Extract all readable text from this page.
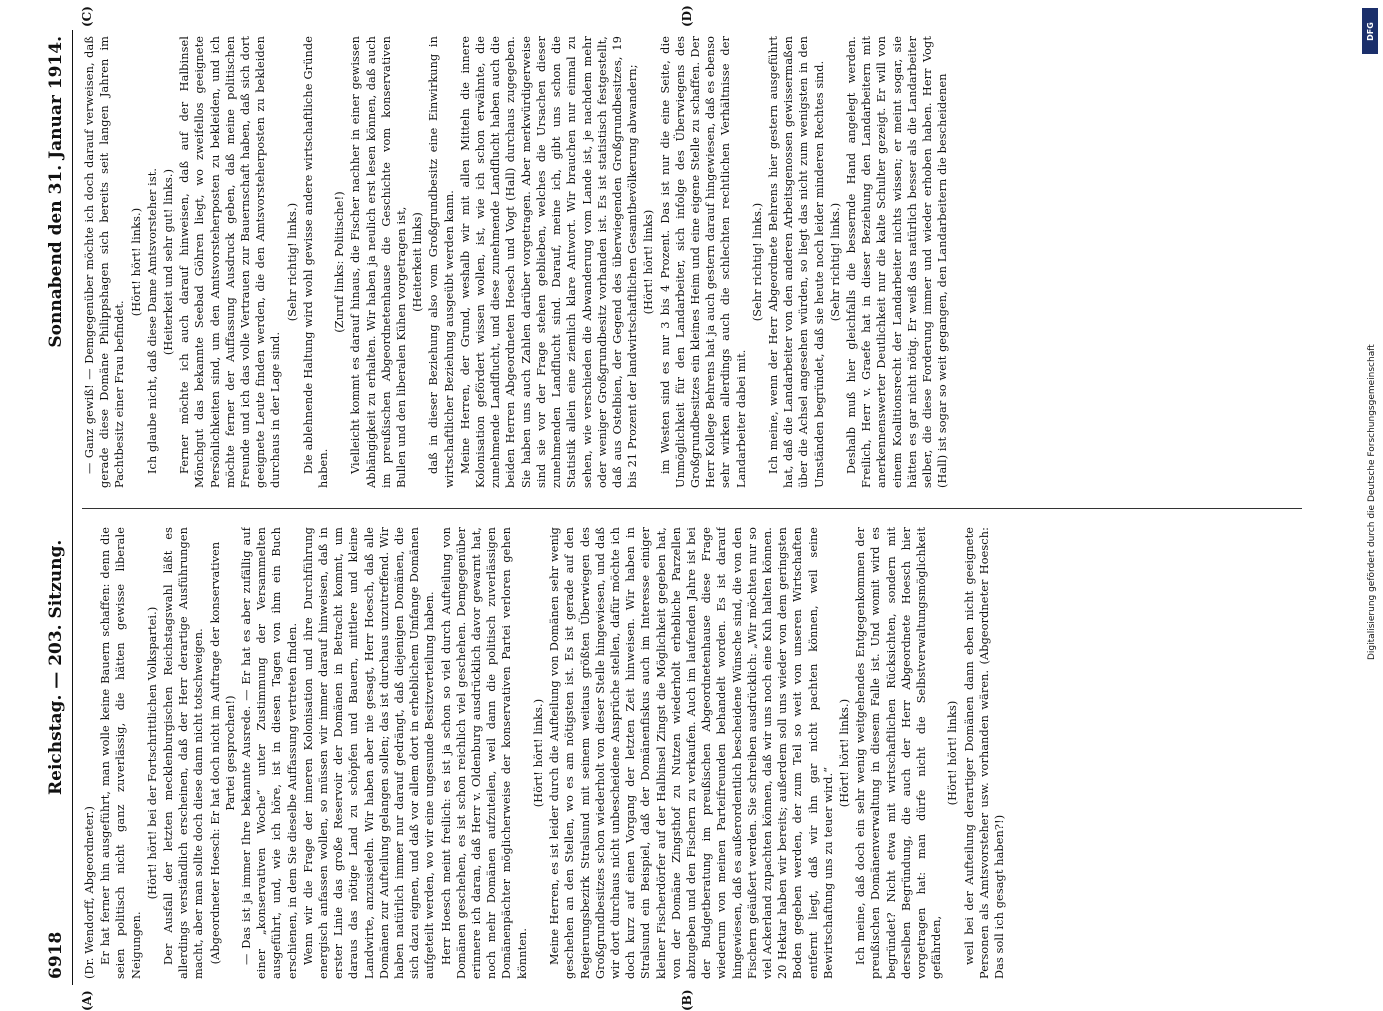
6918
Reichstag. — 203. Sitzung.
Sonnabend den 31. Januar 1914.
(A)	(B)
(C)	(D)

(Dr. Wendorff, Abgeordneter.) Er hat ferner hin ausgeführt, man wolle keine Bauern schaffen: denn die seien politisch nicht ganz zuverlässig, die hätten gewisse liberale Neigungen.

(Hört! hört! bei der Fortschrittlichen Volkspartei.) Der Ausfall der letzten mecklenburgischen Reichstagswahl läßt es allerdings verständlich erscheinen, daß der Herr derartige Ausführungen macht, aber man sollte doch diese dann nicht totschweigen. (Abgeordneter Hoesch: Er hat doch nicht im Auftrage der konservativen Partei gesprochen!) — Das ist ja immer Ihre bekannte Ausrede. — Er hat es aber zufällig auf einer „konservativen Woche“ unter Zustimmung der Versammelten ausgeführt, und, wie ich höre, ist in diesen Tagen von ihm ein Buch erschienen, in dem Sie dieselbe Auffassung vertreten finden. Wenn wir die Frage der inneren Kolonisation und ihre Durchführung energisch anfassen wollen, so müssen wir immer darauf hinweisen, daß in erster Linie das große Reservoir der Domänen in Betracht kommt, um daraus das nötige Land zu schöpfen und Bauern, mittlere und kleine Landwirte, anzusiedeln. Wir haben aber nie gesagt, Herr Hoesch, daß alle Domänen zur Aufteilung gelangen sollen; das ist durchaus unzutreffend. Wir haben natürlich immer nur darauf gedrängt, daß diejenigen Domänen, die sich dazu eignen, und daß vor allem dort in erheblichem Umfange Domänen aufgeteilt werden, wo wir eine ungesunde Besitzverteilung haben. Herr Hoesch meint freilich: es ist ja schon so viel durch Aufteilung von Domänen geschehen, es ist schon reichlich viel geschehen. Demgegenüber erinnere ich daran, daß Herr v. Oldenburg ausdrücklich davor gewarnt hat, noch mehr Domänen aufzuteilen, weil dann die politisch zuverlässigen Domänenpächter möglicherweise der konservativen Partei verloren gehen könnten.

(Hört! hört! links.) Meine Herren, es ist leider durch die Aufteilung von Domänen sehr wenig geschehen an den Stellen, wo es am nötigsten ist. Es ist gerade auf den Regierungsbezirk Stralsund mit seinem weitaus größten Überwiegen des Großgrundbesitzes schon wiederholt von dieser Stelle hingewiesen, und daß wir dort durchaus nicht unbescheidene Ansprüche stellen, dafür möchte ich doch kurz auf einen Vorgang der letzten Zeit hinweisen. Wir haben in Stralsund ein Beispiel, daß der Domänenfiskus auch im Interesse einiger kleiner Fischerdörfer auf der Halbinsel Zingst die Möglichkeit gegeben hat, von der Domäne Zingsthof zu Nutzen wiederholt erhebliche Parzellen abzugeben und den Fischern zu verkaufen. Auch im laufenden Jahre ist bei der Budgetberatung im preußischen Abgeordnetenhause diese Frage wiederum von meinen Parteifreunden behandelt worden. Es ist darauf hingewiesen, daß es außerordentlich bescheidene Wünsche sind, die von den Fischern geäußert werden. Sie schreiben ausdrücklich: „Wir möchten nur so viel Ackerland zupachten können, daß wir uns noch eine Kuh halten können. 20 Hektar haben wir bereits; außerdem soll uns wieder von dem geringsten Boden gegeben werden, der zum Teil so weit von unseren Wirtschaften entfernt liegt, daß wir ihn gar nicht pachten können, weil seine Bewirtschaftung uns zu teuer wird.“

(Hört! hört! links.) Ich meine, daß doch ein sehr wenig weitgehendes Entgegenkommen der preußischen Domänenverwaltung in diesem Falle ist. Und womit wird es begründet? Nicht etwa mit wirtschaftlichen Rücksichten, sondern mit derselben Begründung, die auch der Herr Abgeordnete Hoesch hier vorgetragen hat: man dürfe nicht die Selbstverwaltungsmöglichkeit gefährden,

(Hört! hört! links) weil bei der Aufteilung derartiger Domänen dann eben nicht geeignete Personen als Amtsvorsteher usw. vorhanden wären. (Abgeordneter Hoesch: Das soll ich gesagt haben?!)

— Ganz gewiß! — Demgegenüber möchte ich doch darauf verweisen, daß gerade diese Domäne Philippshagen sich bereits seit langen Jahren im Pachtbesitz einer Frau befindet.

(Hört! hört! links.) Ich glaube nicht, daß diese Dame Amtsvorsteher ist. (Heiterkeit und sehr gut! links.) Ferner möchte ich auch darauf hinweisen, daß auf der Halbinsel Mönchgut das bekannte Seebad Göhren liegt, wo zweifellos geeignete Persönlichkeiten sind, um den Amtsvorsteherposten zu bekleiden, und ich möchte ferner der Auffassung Ausdruck geben, daß meine politischen Freunde und ich das volle Vertrauen zur Bauernschaft haben, daß sich dort geeignete Leute finden werden, die den Amtsvorsteherposten zu bekleiden durchaus in der Lage sind.

(Sehr richtig! links.) Die ablehnende Haltung wird wohl gewisse andere wirtschaftliche Gründe haben.

(Zuruf links: Politische!) Vielleicht kommt es darauf hinaus, die Fischer nachher in einer gewissen Abhängigkeit zu erhalten. Wir haben ja neulich erst lesen können, daß auch im preußischen Abgeordnetenhause die Geschichte vom konservativen Bullen und den liberalen Kühen vorgetragen ist, (Heiterkeit links) daß in dieser Beziehung also vom Großgrundbesitz eine Einwirkung in wirtschaftlicher Beziehung ausgeübt werden kann. Meine Herren, der Grund, weshalb wir mit allen Mitteln die innere Kolonisation gefördert wissen wollen, ist, wie ich schon erwähnte, die zunehmende Landflucht, und diese zunehmende Landflucht haben auch die beiden Herren Abgeordneten Hoesch und Vogt (Hall) durchaus zugegeben. Sie haben uns auch Zahlen darüber vorgetragen. Aber merkwürdigerweise sind sie vor der Frage stehen geblieben, welches die Ursachen dieser zunehmenden Landflucht sind. Darauf, meine ich, gibt uns schon die Statistik allein eine ziemlich klare Antwort. Wir brauchen nur einmal zu sehen, wie verschieden die Abwanderung vom Lande ist, je nachdem mehr oder weniger Großgrundbesitz vorhanden ist. Es ist statistisch festgestellt, daß aus Ostelbien, der Gegend des überwiegenden Großgrundbesitzes, 19 bis 21 Prozent der landwirtschaftlichen Gesamtbevölkerung abwandern; (Hört! hört! links) im Westen sind es nur 3 bis 4 Prozent. Das ist nur die eine Seite, die Unmöglichkeit für den Landarbeiter, sich infolge des Überwiegens des Großgrundbesitzes ein kleines Heim und eine eigene Stelle zu schaffen. Der Herr Kollege Behrens hat ja auch gestern darauf hingewiesen, daß es ebenso sehr wirken allerdings auch die schlechten rechtlichen Verhältnisse der Landarbeiter dabei mit.

(Sehr richtig! links.) Ich meine, wenn der Herr Abgeordnete Behrens hier gestern ausgeführt hat, daß die Landarbeiter von den anderen Arbeitsgenossen gewissermaßen über die Achsel angesehen würden, so liegt das nicht zum wenigsten in den Umständen begründet, daß sie heute noch leider minderen Rechtes sind. (Sehr richtig! links.) Deshalb muß hier gleichfalls die bessernde Hand angelegt werden. Freilich, Herr v. Graefe hat in dieser Beziehung den Landarbeitern mit anerkennenswerter Deutlichkeit nur die kalte Schulter gezeigt. Er will von einem Koalitionsrecht der Landarbeiter nichts wissen; er meint sogar, sie hätten es gar nicht nötig. Er weiß das natürlich besser als die Landarbeiter selber, die diese Forderung immer und wieder erhoben haben. Herr Vogt (Hall) ist sogar so weit gegangen, den Landarbeitern die bescheidenen

DFG
Digitalisierung gefördert durch die Deutsche Forschungsgemeinschaft
